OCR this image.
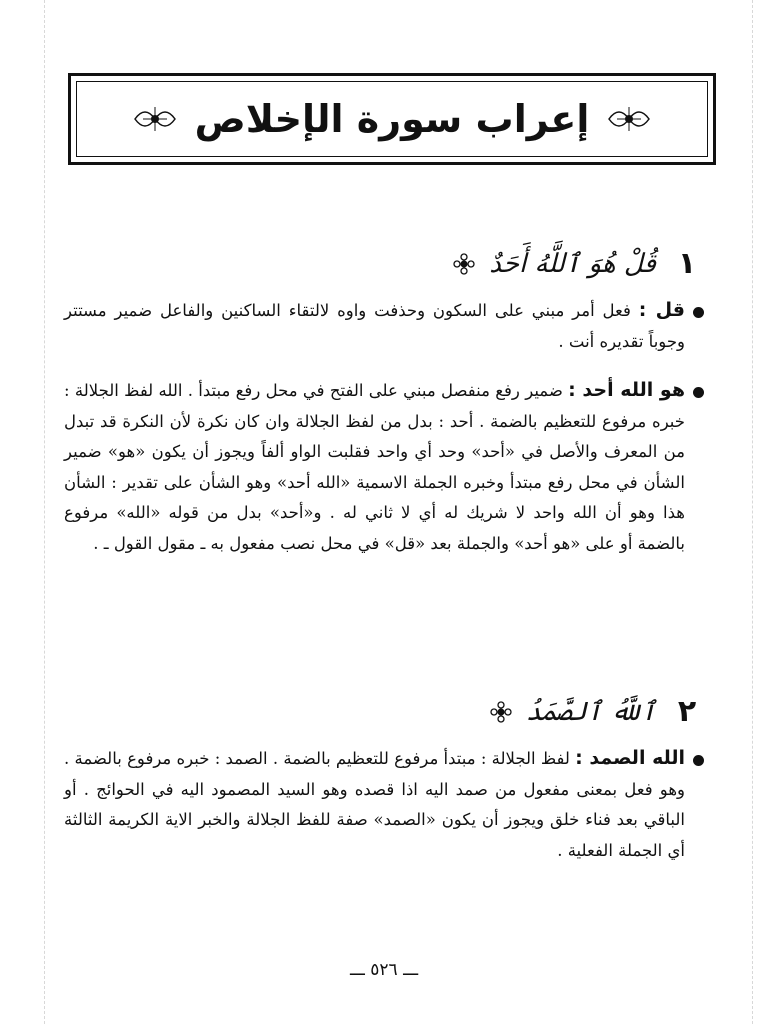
إعراب سورة الإخلاص
١
قُلْ هُوَ ٱللَّهُ أَحَدٌ
قل : فعل أمر مبني على السكون وحذفت واوه لالتقاء الساكنين والفاعل ضمير مستتر وجوباً تقديره أنت .
هو الله أحد : ضمير رفع منفصل مبني على الفتح في محل رفع مبتدأ . الله لفظ الجلالة : خبره مرفوع للتعظيم بالضمة . أحد : بدل من لفظ الجلالة وان كان نكرة لأن النكرة قد تبدل من المعرف والأصل في «أحد» وحد أي واحد فقلبت الواو ألفاً ويجوز أن يكون «هو» ضمير الشأن في محل رفع مبتدأ وخبره الجملة الاسمية «الله أحد» وهو الشأن على تقدير : الشأن هذا وهو أن الله واحد لا شريك له أي لا ثاني له . و«أحد» بدل من قوله «الله» مرفوع بالضمة أو على «هو أحد» والجملة بعد «قل» في محل نصب مفعول به ـ مقول القول ـ .
٢
ٱللَّهُ ٱلصَّمَدُ
الله الصمد : لفظ الجلالة : مبتدأ مرفوع للتعظيم بالضمة . الصمد : خبره مرفوع بالضمة . وهو فعل بمعنى مفعول من صمد اليه اذا قصده وهو السيد المصمود اليه في الحوائج . أو الباقي بعد فناء خلق ويجوز أن يكون «الصمد» صفة للفظ الجلالة والخبر الاية الكريمة الثالثة أي الجملة الفعلية .
ـــ ٥٢٦ ـــ
